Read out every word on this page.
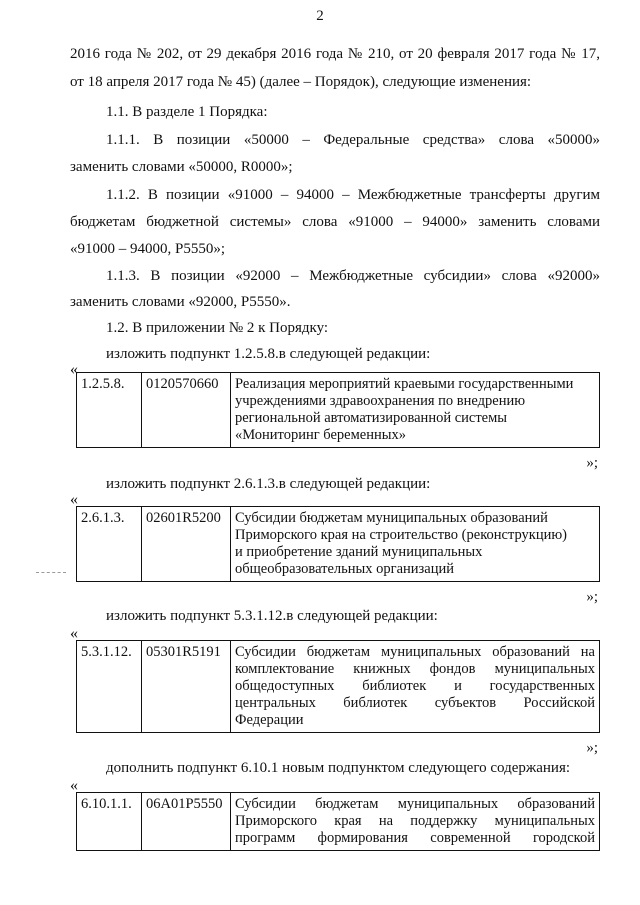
2
2016 года № 202, от 29 декабря 2016 года № 210, от 20 февраля 2017 года № 17,
от 18 апреля 2017 года № 45) (далее – Порядок), следующие изменения:
1.1. В разделе 1 Порядка:
1.1.1. В позиции «50000 – Федеральные средства» слова «50000»
заменить словами «50000, R0000»;
1.1.2. В позиции «91000 – 94000 – Межбюджетные трансферты другим
бюджетам бюджетной системы» слова «91000 – 94000» заменить словами
«91000 – 94000, Р5550»;
1.1.3. В позиции «92000 – Межбюджетные субсидии» слова «92000»
заменить словами «92000, Р5550».
1.2. В приложении № 2 к Порядку:
изложить подпункт 1.2.5.8.в следующей редакции:
«
1.2.5.8.	0120570660	Реализация мероприятий краевыми государственными
учреждениями здравоохранения по внедрению
региональной автоматизированной системы
«Мониторинг беременных»
»;
изложить подпункт 2.6.1.3.в следующей редакции:
«
2.6.1.3.	02601R5200	Субсидии бюджетам муниципальных образований
Приморского края на строительство (реконструкцию)
и приобретение зданий муниципальных
общеобразовательных организаций
»;
изложить подпункт 5.3.1.12.в следующей редакции:
«
5.3.1.12.	05301R5191	Субсидии бюджетам муниципальных образований на
комплектование книжных фондов муниципальных
общедоступных библиотек и государственных
центральных библиотек субъектов Российской
Федерации
»;
дополнить подпункт 6.10.1 новым подпунктом следующего содержания:
«
6.10.1.1.	06А01Р5550	Субсидии бюджетам муниципальных образований
Приморского края на поддержку муниципальных
программ формирования современной городской
